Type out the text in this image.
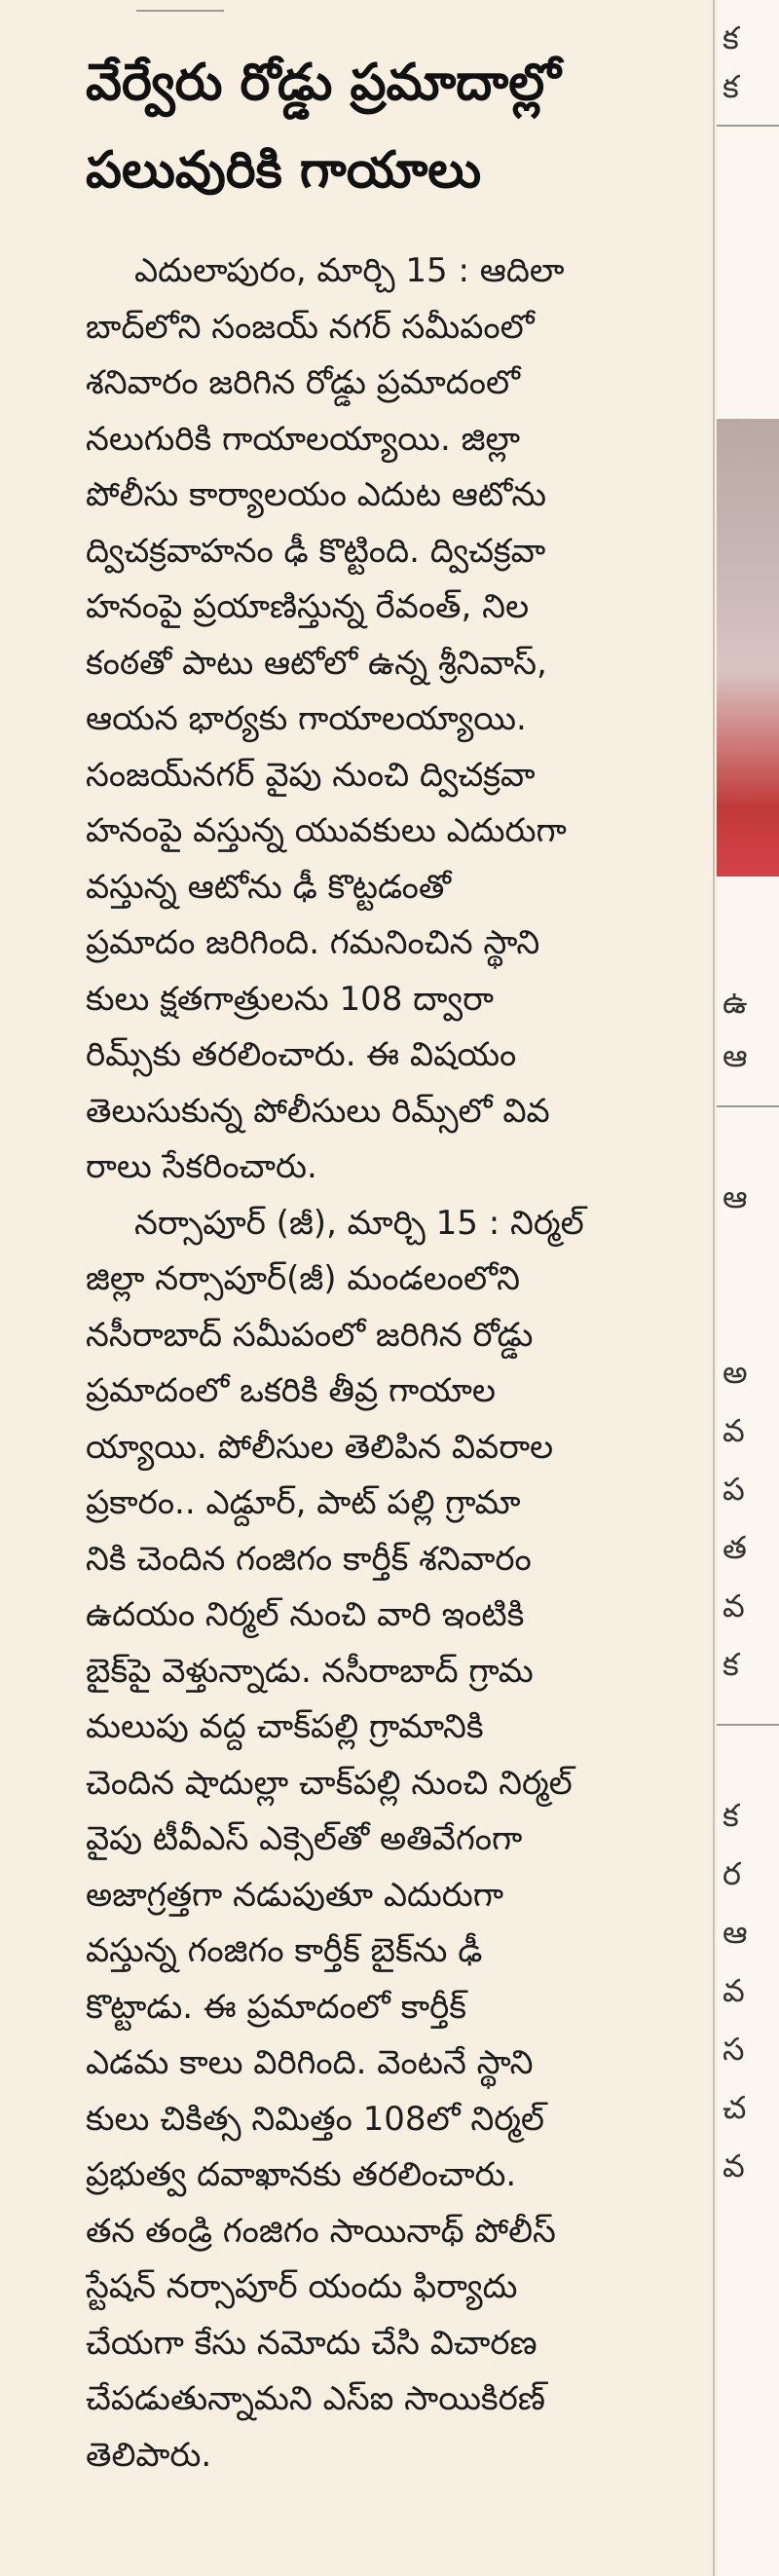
వేర్వేరు రోడ్డు ప్రమాదాల్లో
పలువురికి గాయాలు
ఎదులాపురం, మార్చి 15 : ఆదిలా
బాద్‌లోని సంజయ్ నగర్ సమీపంలో
శనివారం జరిగిన రోడ్డు ప్రమాదంలో
నలుగురికి గాయాలయ్యాయి. జిల్లా
పోలీసు కార్యాలయం ఎదుట ఆటోను
ద్విచక్రవాహనం ఢీ కొట్టింది. ద్విచక్రవా
హనంపై ప్రయాణిస్తున్న రేవంత్, నిల
కంఠతో పాటు ఆటోలో ఉన్న శ్రీనివాస్,
ఆయన భార్యకు గాయాలయ్యాయి.
సంజయ్‌నగర్ వైపు నుంచి ద్విచక్రవా
హనంపై వస్తున్న యువకులు ఎదురుగా
వస్తున్న ఆటోను ఢీ కొట్టడంతో
ప్రమాదం జరిగింది. గమనించిన స్థాని
కులు క్షతగాత్రులను 108 ద్వారా
రిమ్స్‌కు తరలించారు. ఈ విషయం
తెలుసుకున్న పోలీసులు రిమ్స్‌లో వివ
రాలు సేకరించారు.
నర్సాపూర్ (జీ), మార్చి 15 : నిర్మల్
జిల్లా నర్సాపూర్(జీ) మండలంలోని
నసీరాబాద్ సమీపంలో జరిగిన రోడ్డు
ప్రమాదంలో ఒకరికి తీవ్ర గాయాల
య్యాయి. పోలీసుల తెలిపిన వివరాల
ప్రకారం.. ఎడ్దూర్, పాట్ పల్లి గ్రామా
నికి చెందిన గంజిగం కార్తీక్ శనివారం
ఉదయం నిర్మల్ నుంచి వారి ఇంటికి
బైక్‌పై వెళ్తున్నాడు. నసీరాబాద్ గ్రామ
మలుపు వద్ద చాక్‌పల్లి గ్రామానికి
చెందిన షాదుల్లా చాక్‌పల్లి నుంచి నిర్మల్
వైపు టీవీఎస్ ఎక్సెల్‌తో అతివేగంగా
అజాగ్రత్తగా నడుపుతూ ఎదురుగా
వస్తున్న గంజిగం కార్తీక్ బైక్‌ను ఢీ
కొట్టాడు. ఈ ప్రమాదంలో కార్తీక్
ఎడమ కాలు విరిగింది. వెంటనే స్థాని
కులు చికిత్స నిమిత్తం 108లో నిర్మల్
ప్రభుత్వ దవాఖానకు తరలించారు.
తన తండ్రి గంజిగం సాయినాథ్ పోలీస్
స్టేషన్ నర్సాపూర్ యందు ఫిర్యాదు
చేయగా కేసు నమోదు చేసి విచారణ
చేపడుతున్నామని ఎస్ఐ సాయికిరణ్
తెలిపారు.
క
క
ఉ
ఆ
ఆ
అ
వ
ప
త
వ
క
క
ర
ఆ
వ
స
చ
వ
